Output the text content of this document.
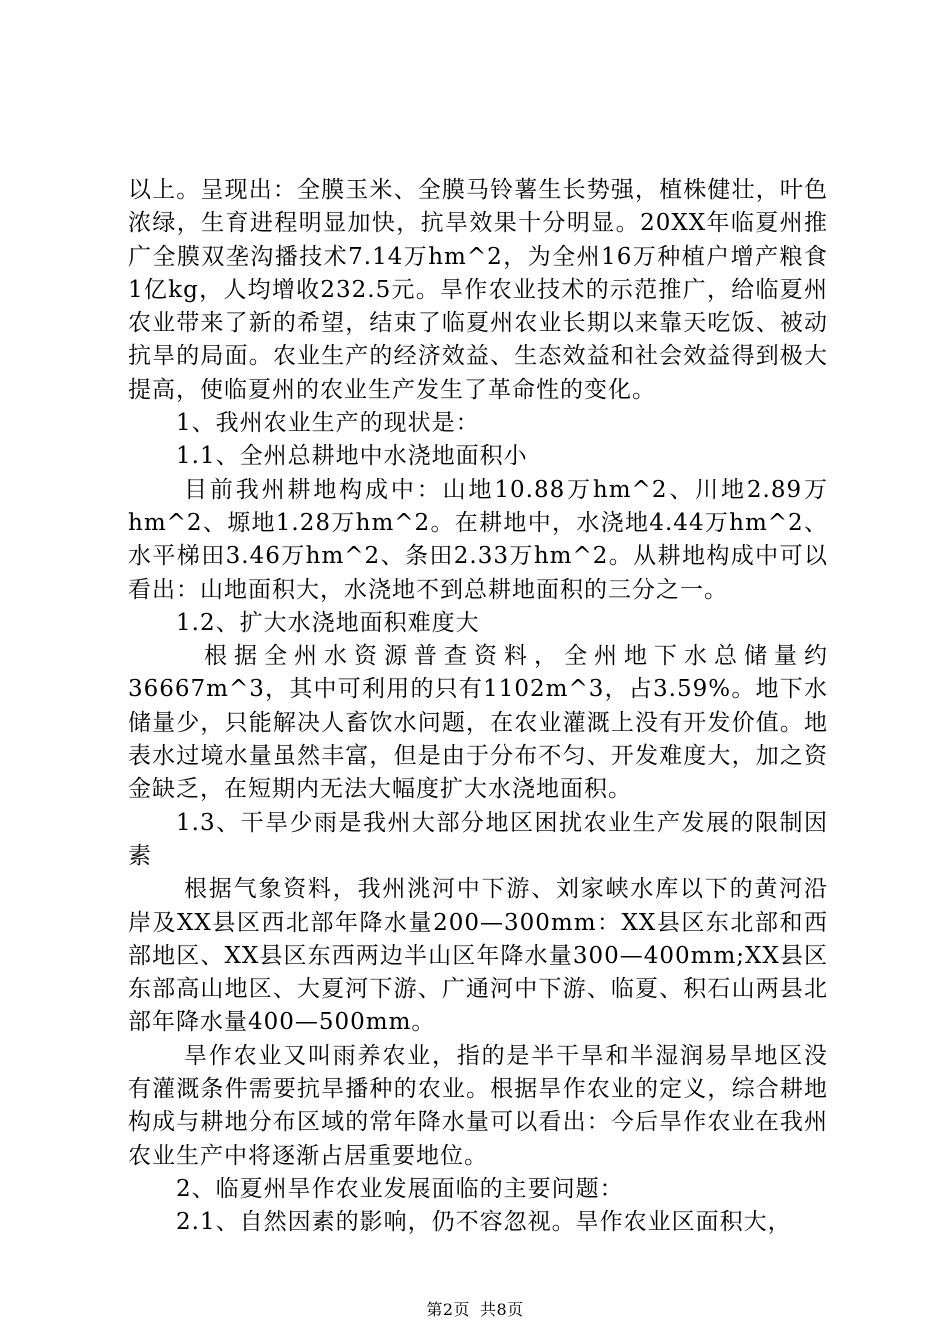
以上。呈现出：全膜玉米、全膜马铃薯生长势强，植株健壮，叶色浓绿，生育进程明显加快，抗旱效果十分明显。20XX年临夏州推广全膜双垄沟播技术7.14万hm^2，为全州16万种植户增产粮食1亿kg，人均增收232.5元。旱作农业技术的示范推广，给临夏州农业带来了新的希望，结束了临夏州农业长期以来靠天吃饭、被动抗旱的局面。农业生产的经济效益、生态效益和社会效益得到极大提高，使临夏州的农业生产发生了革命性的变化。

1、我州农业生产的现状是：

1.1、全州总耕地中水浇地面积小

目前我州耕地构成中：山地10.88万hm^2、川地2.89万hm^2、塬地1.28万hm^2。在耕地中，水浇地4.44万hm^2、水平梯田3.46万hm^2、条田2.33万hm^2。从耕地构成中可以看出：山地面积大，水浇地不到总耕地面积的三分之一。

1.2、扩大水浇地面积难度大

根据全州水资源普查资料，全州地下水总储量约36667m^3，其中可利用的只有1102m^3，占3.59%。地下水储量少，只能解决人畜饮水问题，在农业灌溉上没有开发价值。地表水过境水量虽然丰富，但是由于分布不匀、开发难度大，加之资金缺乏，在短期内无法大幅度扩大水浇地面积。

1.3、干旱少雨是我州大部分地区困扰农业生产发展的限制因素

根据气象资料，我州洮河中下游、刘家峡水库以下的黄河沿岸及XX县区西北部年降水量200—300mm：XX县区东北部和西部地区、XX县区东西两边半山区年降水量300—400mm;XX县区东部高山地区、大夏河下游、广通河中下游、临夏、积石山两县北部年降水量400—500mm。

旱作农业又叫雨养农业，指的是半干旱和半湿润易旱地区没有灌溉条件需要抗旱播种的农业。根据旱作农业的定义，综合耕地构成与耕地分布区域的常年降水量可以看出：今后旱作农业在我州农业生产中将逐渐占居重要地位。

2、临夏州旱作农业发展面临的主要问题：

2.1、自然因素的影响，仍不容忽视。旱作农业区面积大，

第2页 共8页
